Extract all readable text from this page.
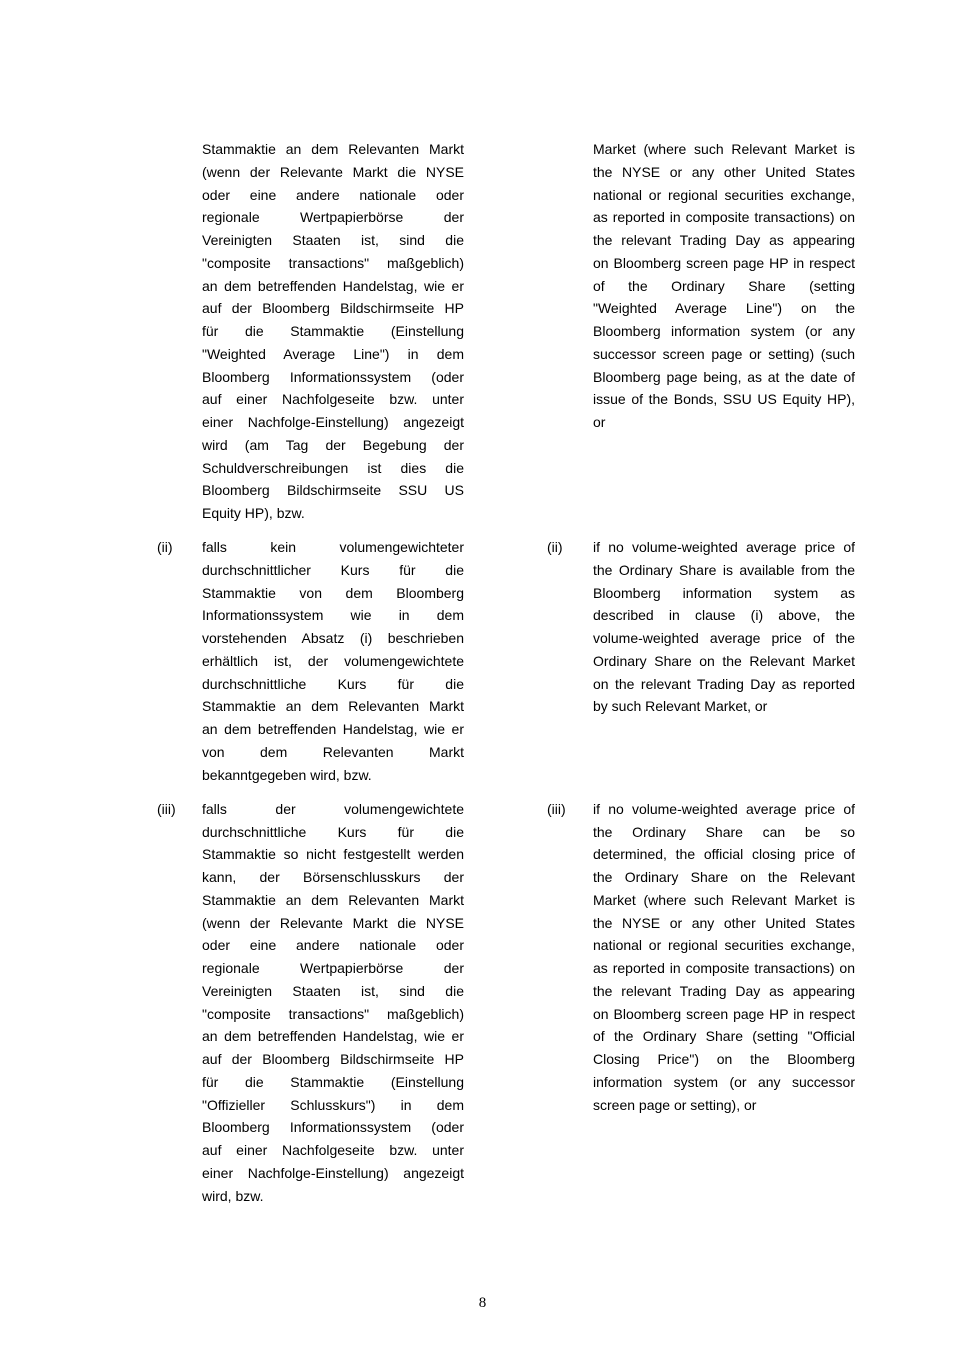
Stammaktie an dem Relevanten Markt
(wenn der Relevante Markt die NYSE
oder eine andere nationale oder
regionale Wertpapierbörse der
Vereinigten Staaten ist, sind die
"composite transactions" maßgeblich)
an dem betreffenden Handelstag, wie er
auf der Bloomberg Bildschirmseite HP
für die Stammaktie (Einstellung
"Weighted Average Line") in dem
Bloomberg Informationssystem (oder
auf einer Nachfolgeseite bzw. unter
einer Nachfolge-Einstellung) angezeigt
wird (am Tag der Begebung der
Schuldverschreibungen ist dies die
Bloomberg Bildschirmseite SSU US
Equity HP), bzw.
Market (where such Relevant Market is
the NYSE or any other United States
national or regional securities exchange,
as reported in composite transactions) on
the relevant Trading Day as appearing
on Bloomberg screen page HP in respect
of the Ordinary Share (setting
"Weighted Average Line") on the
Bloomberg information system (or any
successor screen page or setting) (such
Bloomberg page being, as at the date of
issue of the Bonds, SSU US Equity HP),
or
(ii)	falls kein volumengewichteter
durchschnittlicher Kurs für die
Stammaktie von dem Bloomberg
Informationssystem wie in dem
vorstehenden Absatz (i) beschrieben
erhältlich ist, der volumengewichtete
durchschnittliche Kurs für die
Stammaktie an dem Relevanten Markt
an dem betreffenden Handelstag, wie er
von dem Relevanten Markt
bekanntgegeben wird, bzw.
(ii)	if no volume-weighted average price of
the Ordinary Share is available from the
Bloomberg information system as
described in clause (i) above, the
volume-weighted average price of the
Ordinary Share on the Relevant Market
on the relevant Trading Day as reported
by such Relevant Market, or
(iii)	falls der volumengewichtete
durchschnittliche Kurs für die
Stammaktie so nicht festgestellt werden
kann, der Börsenschlusskurs der
Stammaktie an dem Relevanten Markt
(wenn der Relevante Markt die NYSE
oder eine andere nationale oder
regionale Wertpapierbörse der
Vereinigten Staaten ist, sind die
"composite transactions" maßgeblich)
an dem betreffenden Handelstag, wie er
auf der Bloomberg Bildschirmseite HP
für die Stammaktie (Einstellung
"Offizieller Schlusskurs") in dem
Bloomberg Informationssystem (oder
auf einer Nachfolgeseite bzw. unter
einer Nachfolge-Einstellung) angezeigt
wird, bzw.
(iii)	if no volume-weighted average price of
the Ordinary Share can be so
determined, the official closing price of
the Ordinary Share on the Relevant
Market (where such Relevant Market is
the NYSE or any other United States
national or regional securities exchange,
as reported in composite transactions) on
the relevant Trading Day as appearing
on Bloomberg screen page HP in respect
of the Ordinary Share (setting "Official
Closing Price") on the Bloomberg
information system (or any successor
screen page or setting), or
8
